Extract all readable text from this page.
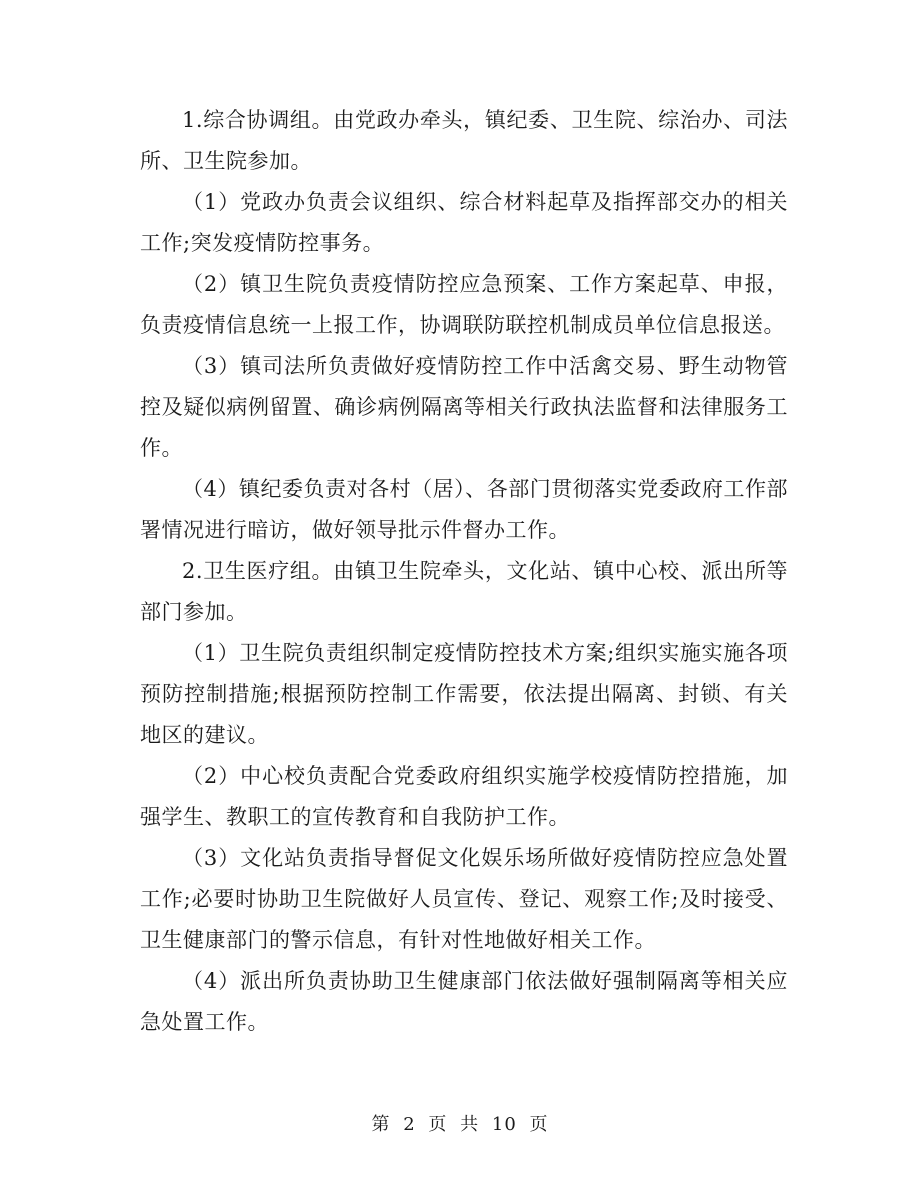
1.综合协调组。由党政办牵头，镇纪委、卫生院、综治办、司法所、卫生院参加。

（1）党政办负责会议组织、综合材料起草及指挥部交办的相关工作;突发疫情防控事务。

（2）镇卫生院负责疫情防控应急预案、工作方案起草、申报，负责疫情信息统一上报工作，协调联防联控机制成员单位信息报送。

（3）镇司法所负责做好疫情防控工作中活禽交易、野生动物管控及疑似病例留置、确诊病例隔离等相关行政执法监督和法律服务工作。

（4）镇纪委负责对各村（居）、各部门贯彻落实党委政府工作部署情况进行暗访，做好领导批示件督办工作。

2.卫生医疗组。由镇卫生院牵头，文化站、镇中心校、派出所等部门参加。

（1）卫生院负责组织制定疫情防控技术方案;组织实施实施各项预防控制措施;根据预防控制工作需要，依法提出隔离、封锁、有关地区的建议。

（2）中心校负责配合党委政府组织实施学校疫情防控措施，加强学生、教职工的宣传教育和自我防护工作。

（3）文化站负责指导督促文化娱乐场所做好疫情防控应急处置工作;必要时协助卫生院做好人员宣传、登记、观察工作;及时接受、卫生健康部门的警示信息，有针对性地做好相关工作。

（4）派出所负责协助卫生健康部门依法做好强制隔离等相关应急处置工作。

第 2 页 共 10 页
